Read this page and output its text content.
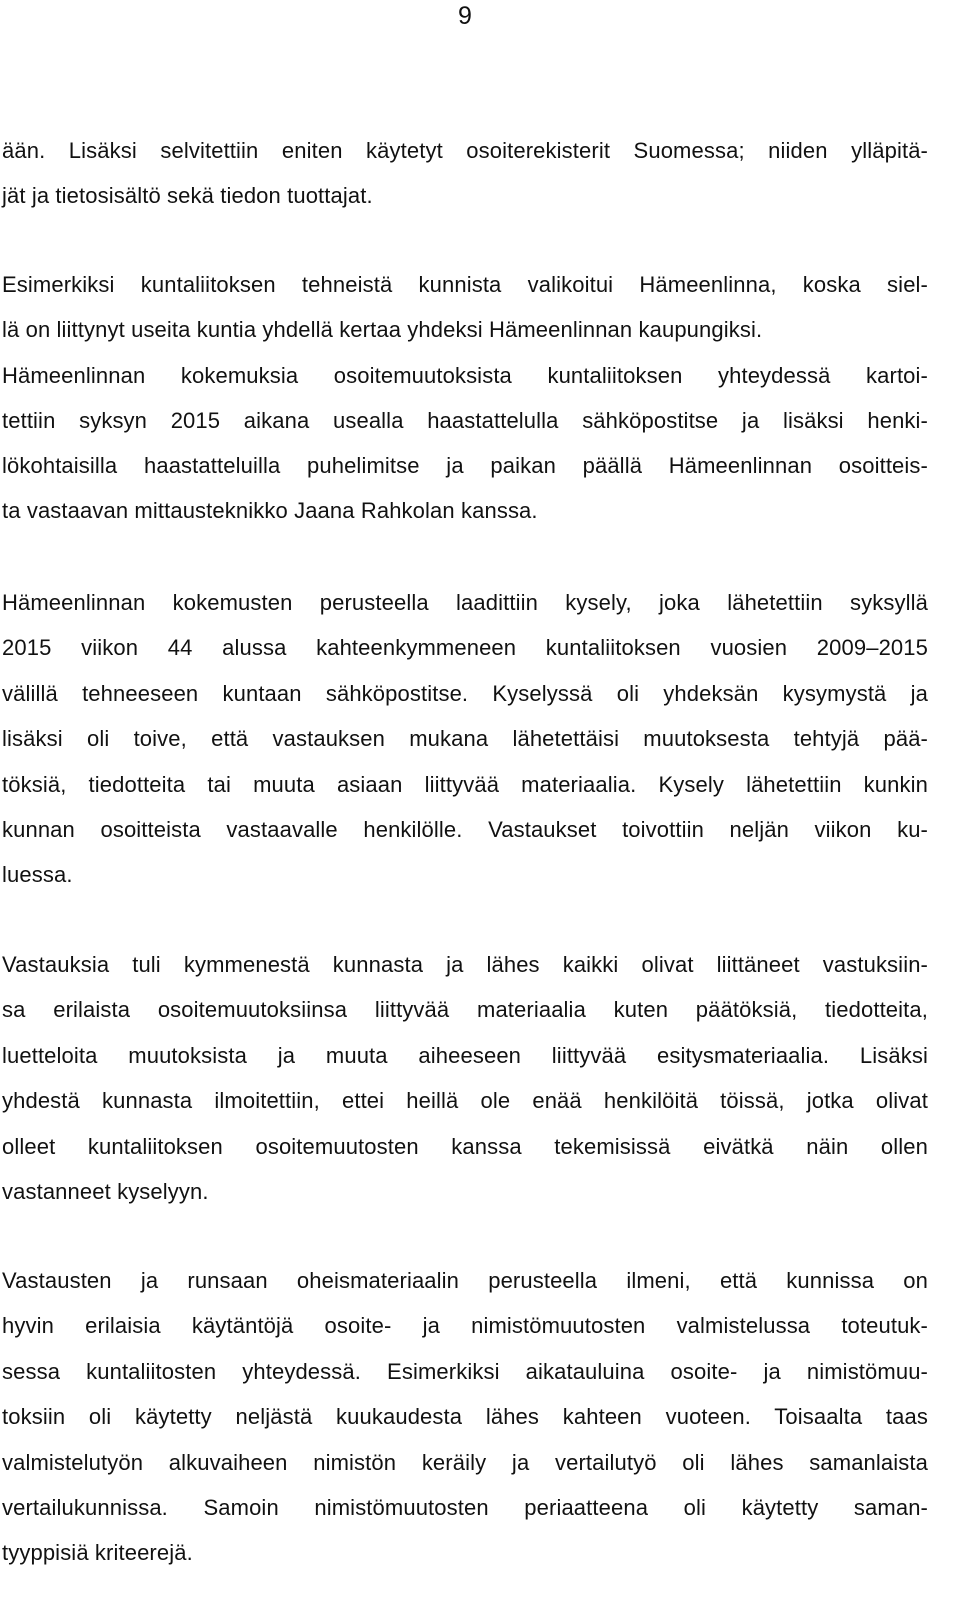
9
ään. Lisäksi selvitettiin eniten käytetyt osoiterekisterit Suomessa; niiden ylläpitä-
jät ja tietosisältö sekä tiedon tuottajat.
Esimerkiksi kuntaliitoksen tehneistä kunnista valikoitui Hämeenlinna, koska siel-
lä on liittynyt useita kuntia yhdellä kertaa yhdeksi Hämeenlinnan kaupungiksi.
Hämeenlinnan kokemuksia osoitemuutoksista kuntaliitoksen yhteydessä kartoi-
tettiin syksyn 2015 aikana usealla haastattelulla sähköpostitse ja lisäksi henki-
lökohtaisilla haastatteluilla puhelimitse ja paikan päällä Hämeenlinnan osoitteis-
ta vastaavan mittausteknikko Jaana Rahkolan kanssa.
Hämeenlinnan kokemusten perusteella laadittiin kysely, joka lähetettiin syksyllä
2015 viikon 44 alussa kahteenkymmeneen kuntaliitoksen vuosien 2009–2015
välillä tehneeseen kuntaan sähköpostitse. Kyselyssä oli yhdeksän kysymystä ja
lisäksi oli toive, että vastauksen mukana lähetettäisi muutoksesta tehtyjä pää-
töksiä, tiedotteita tai muuta asiaan liittyvää materiaalia. Kysely lähetettiin kunkin
kunnan osoitteista vastaavalle henkilölle. Vastaukset toivottiin neljän viikon ku-
luessa.
Vastauksia tuli kymmenestä kunnasta ja lähes kaikki olivat liittäneet vastuksiin-
sa erilaista osoitemuutoksiinsa liittyvää materiaalia kuten päätöksiä, tiedotteita,
luetteloita muutoksista ja muuta aiheeseen liittyvää esitysmateriaalia. Lisäksi
yhdestä kunnasta ilmoitettiin, ettei heillä ole enää henkilöitä töissä, jotka olivat
olleet kuntaliitoksen osoitemuutosten kanssa tekemisissä eivätkä näin ollen
vastanneet kyselyyn.
Vastausten ja runsaan oheismateriaalin perusteella ilmeni, että kunnissa on
hyvin erilaisia käytäntöjä osoite- ja nimistömuutosten valmistelussa toteutuk-
sessa kuntaliitosten yhteydessä. Esimerkiksi aikatauluina osoite- ja nimistömuu-
toksiin oli käytetty neljästä kuukaudesta lähes kahteen vuoteen. Toisaalta taas
valmistelutyön alkuvaiheen nimistön keräily ja vertailutyö oli lähes samanlaista
vertailukunnissa. Samoin nimistömuutosten periaatteena oli käytetty saman-
tyyppisiä kriteerejä.
